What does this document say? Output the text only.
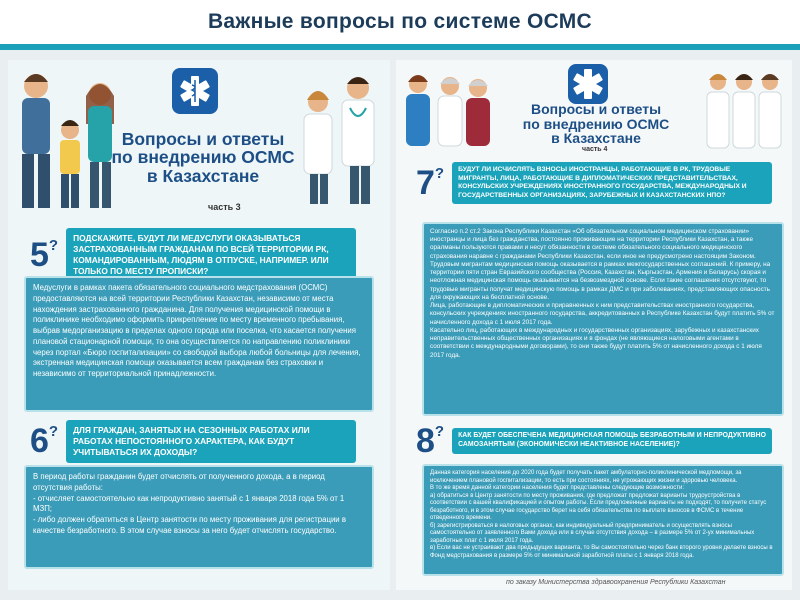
Важные вопросы по системе ОСМС
Вопросы и ответы
по внедрению ОСМС
в Казахстане
часть 3
5?	ПОДСКАЖИТЕ, БУДУТ ЛИ МЕДУСЛУГИ ОКАЗЫВАТЬСЯ ЗАСТРАХОВАННЫМ ГРАЖДАНАМ ПО ВСЕЙ ТЕРРИТОРИИ РК, КОМАНДИРОВАННЫМ, ЛЮДЯМ В ОТПУСКЕ, НАПРИМЕР. ИЛИ ТОЛЬКО ПО МЕСТУ ПРОПИСКИ?

Медуслуги в рамках пакета обязательного социального медстрахования (ОСМС) предоставляются на всей территории Республики Казахстан, независимо от места нахождения застрахованного гражданина. Для получения медицинской помощи в поликлинике необходимо оформить прикрепление по месту временного пребывания, выбрав медорганизацию в пределах одного города или поселка, что касается получения плановой стационарной помощи, то она осуществляется по направлению поликлиники через портал «Бюро госпитализации» со свободой выбора любой больницы для лечения, экстренная медицинская помощи оказывается всем гражданам без страховки и независимо от территориальной принадлежности.

6?	ДЛЯ ГРАЖДАН, ЗАНЯТЫХ НА СЕЗОННЫХ РАБОТАХ ИЛИ РАБОТАХ НЕПОСТОЯННОГО ХАРАКТЕРА, КАК БУДУТ УЧИТЫВАТЬСЯ ИХ ДОХОДЫ?

В период работы гражданин будет отчислять от полученного дохода, а в период отсутствия работы:

- отчисляет самостоятельно как непродуктивно занятый с 1 января 2018 года 5% от 1 МЗП;

- либо должен обратиться в Центр занятости по месту проживания для регистрации в качестве безработного. В этом случае взносы за него будет отчислять государство.

Вопросы и ответы
по внедрению ОСМС
в Казахстане
часть 4
7?	БУДУТ ЛИ ИСЧИСЛЯТЬ ВЗНОСЫ ИНОСТРАНЦЫ, РАБОТАЮЩИЕ В РК, ТРУДОВЫЕ МИГРАНТЫ, ЛИЦА, РАБОТАЮЩИЕ В ДИПЛОМАТИЧЕСКИХ ПРЕДСТАВИТЕЛЬСТВАХ, КОНСУЛЬСКИХ УЧРЕЖДЕНИЯХ ИНОСТРАННОГО ГОСУДАРСТВА, МЕЖДУНАРОДНЫХ И ГОСУДАРСТВЕННЫХ ОРГАНИЗАЦИЯХ, ЗАРУБЕЖНЫХ И КАЗАХСТАНСКИХ НПО?

Согласно п.2 ст.2 Закона Республики Казахстан «Об обязательном социальном медицинском страховании» иностранцы и лица без гражданства, постоянно проживающие на территории Республики Казахстан, а также оралманы пользуются правами и несут обязанности в системе обязательного социального медицинского страхования наравне с гражданами Республики Казахстан, если иное не предусмотрено настоящим Законом. Трудовым мигрантам медицинская помощь оказывается в рамках межгосударственных соглашений. К примеру, на территории пяти стран Евразийского сообщества (Россия, Казахстан, Кыргызстан, Армения и Беларусь) скорая и неотложная медицинская помощь оказывается на безвозмездной основе. Если такие соглашения отсутствуют, то трудовые мигранты получат медицинскую помощь в рамках ДМС и при заболеваниях, представляющих опасность для окружающих на бесплатной основе.

Лица, работающие в дипломатических и приравненных к ним представительствах иностранного государства, консульских учреждениях иностранного государства, аккредитованных в Республике Казахстан будут платить 5% от начисленного дохода с 1 июля 2017 года.

Касательно лиц, работающих в международных и государственных организациях, зарубежных и казахстанских неправительственных общественных организациях и в фондах (не являющиеся налоговыми агентами в соответствии с международными договорами), то они также будут платить 5% от начисленного дохода с 1 июля 2017 года.

8?	КАК БУДЕТ ОБЕСПЕЧЕНА МЕДИЦИНСКАЯ ПОМОЩЬ БЕЗРАБОТНЫМ И НЕПРОДУКТИВНО САМОЗАНЯТЫМ (ЭКОНОМИЧЕСКИ НЕАКТИВНОЕ НАСЕЛЕНИЕ)?

Данная категория населения до 2020 года будет получать пакет амбулаторно-поликлинической медпомощи, за исключением плановой госпитализации, то есть при состояниях, не угрожающих жизни и здоровью человека.

В то же время данной категории населения будет представлены следующие возможности:

а) обратиться в Центр занятости по месту проживания, где предложат предложат варианты трудоустройства в соответствии с вашей квалификацией и опытом работы. Если предложенные варианты не подходят, то получите статус безработного, и в этом случае государство берет на себя обязательства по выплате взносов в ФСМС в течение отведенного времени.

б) зарегистрироваться в налоговых органах, как индивидуальный предприниматель и осуществлять взносы самостоятельно от заявленного Вами дохода или в случае отсутствия дохода – в размере 5% от 2-ух минимальных заработных плат с 1 июля 2017 года.

в) Если вас не устраивают два предыдущих варианта, то Вы самостоятельно через банк второго уровня делаете взносы в Фонд медстрахования в размере 5% от минимальной заработной платы с 1 января 2018 года.

по заказу Министерства здравоохранения Республики Казахстан
